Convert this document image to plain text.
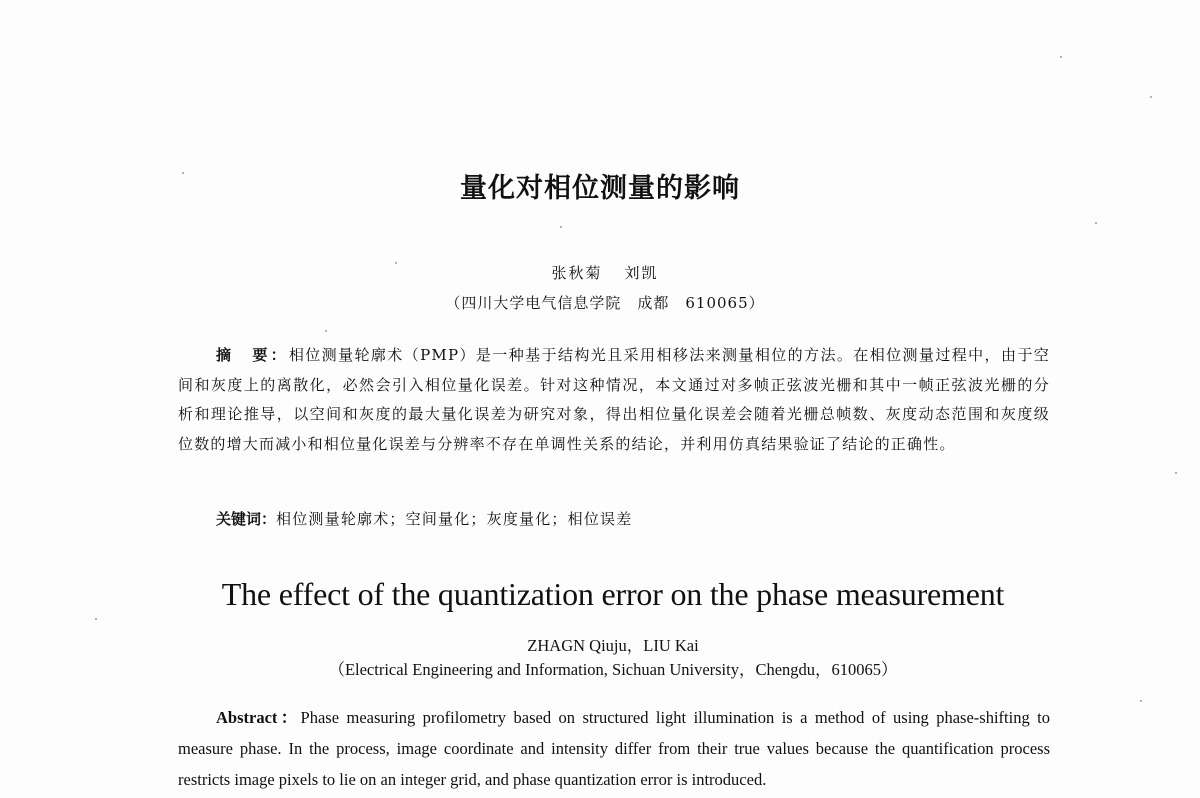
量化对相位测量的影响
张秋菊 刘凯
（四川大学电气信息学院　成都　610065）
摘　要：相位测量轮廓术（PMP）是一种基于结构光且采用相移法来测量相位的方法。在相位测量过程中，由于空间和灰度上的离散化，必然会引入相位量化误差。针对这种情况，本文通过对多帧正弦波光栅和其中一帧正弦波光栅的分析和理论推导，以空间和灰度的最大量化误差为研究对象，得出相位量化误差会随着光栅总帧数、灰度动态范围和灰度级位数的增大而减小和相位量化误差与分辨率不存在单调性关系的结论，并利用仿真结果验证了结论的正确性。
关键词：相位测量轮廓术；空间量化；灰度量化；相位误差
The effect of the quantization error on the phase measurement
ZHAGN Qiuju，LIU Kai
（Electrical Engineering and Information, Sichuan University，Chengdu，610065）
Abstract：Phase measuring profilometry based on structured light illumination is a method of using phase-shifting to measure phase. In the process, image coordinate and intensity differ from their true values because the quantification process restricts image pixels to lie on an integer grid, and phase quantization error is introduced.
